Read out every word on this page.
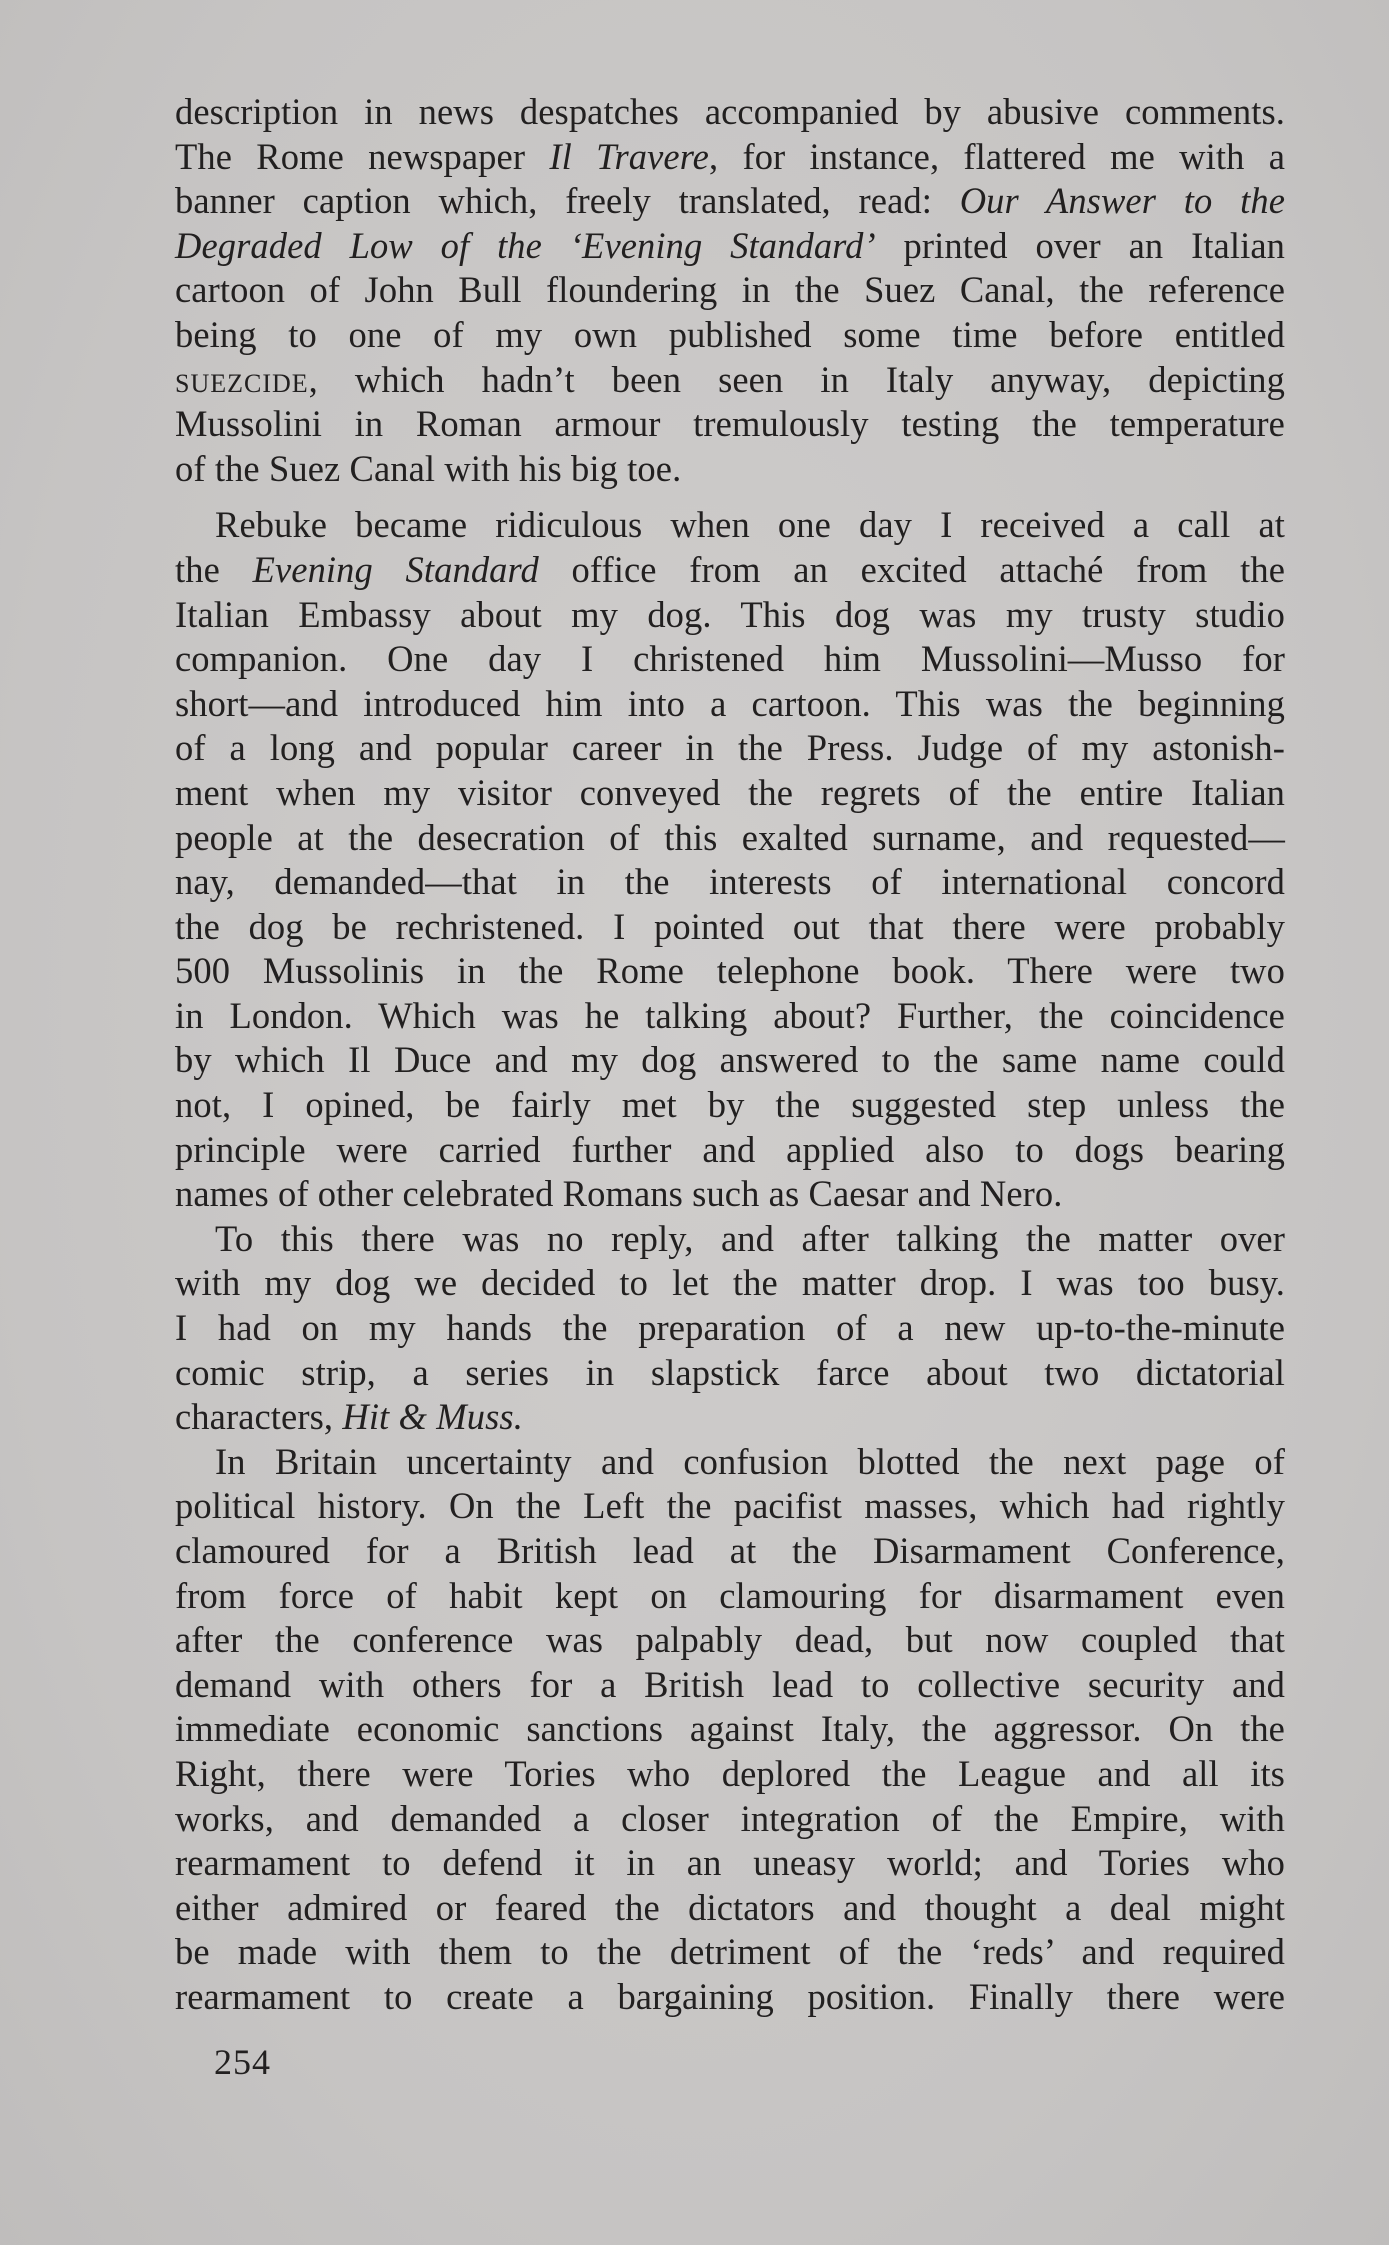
description in news despatches accompanied by abusive comments.
The Rome newspaper Il Travere, for instance, flattered me with a
banner caption which, freely translated, read: Our Answer to the
Degraded Low of the ‘Evening Standard’ printed over an Italian
cartoon of John Bull floundering in the Suez Canal, the reference
being to one of my own published some time before entitled
suezcide, which hadn’t been seen in Italy anyway, depicting
Mussolini in Roman armour tremulously testing the temperature
of the Suez Canal with his big toe.
Rebuke became ridiculous when one day I received a call at
the Evening Standard office from an excited attaché from the
Italian Embassy about my dog. This dog was my trusty studio
companion. One day I christened him Mussolini—Musso for
short—and introduced him into a cartoon. This was the beginning
of a long and popular career in the Press. Judge of my astonish-
ment when my visitor conveyed the regrets of the entire Italian
people at the desecration of this exalted surname, and requested—
nay, demanded—that in the interests of international concord
the dog be rechristened. I pointed out that there were probably
500 Mussolinis in the Rome telephone book. There were two
in London. Which was he talking about? Further, the coincidence
by which Il Duce and my dog answered to the same name could
not, I opined, be fairly met by the suggested step unless the
principle were carried further and applied also to dogs bearing
names of other celebrated Romans such as Caesar and Nero.
To this there was no reply, and after talking the matter over
with my dog we decided to let the matter drop. I was too busy.
I had on my hands the preparation of a new up-to-the-minute
comic strip, a series in slapstick farce about two dictatorial
characters, Hit & Muss.
In Britain uncertainty and confusion blotted the next page of
political history. On the Left the pacifist masses, which had rightly
clamoured for a British lead at the Disarmament Conference,
from force of habit kept on clamouring for disarmament even
after the conference was palpably dead, but now coupled that
demand with others for a British lead to collective security and
immediate economic sanctions against Italy, the aggressor. On the
Right, there were Tories who deplored the League and all its
works, and demanded a closer integration of the Empire, with
rearmament to defend it in an uneasy world; and Tories who
either admired or feared the dictators and thought a deal might
be made with them to the detriment of the ‘reds’ and required
rearmament to create a bargaining position. Finally there were
254
